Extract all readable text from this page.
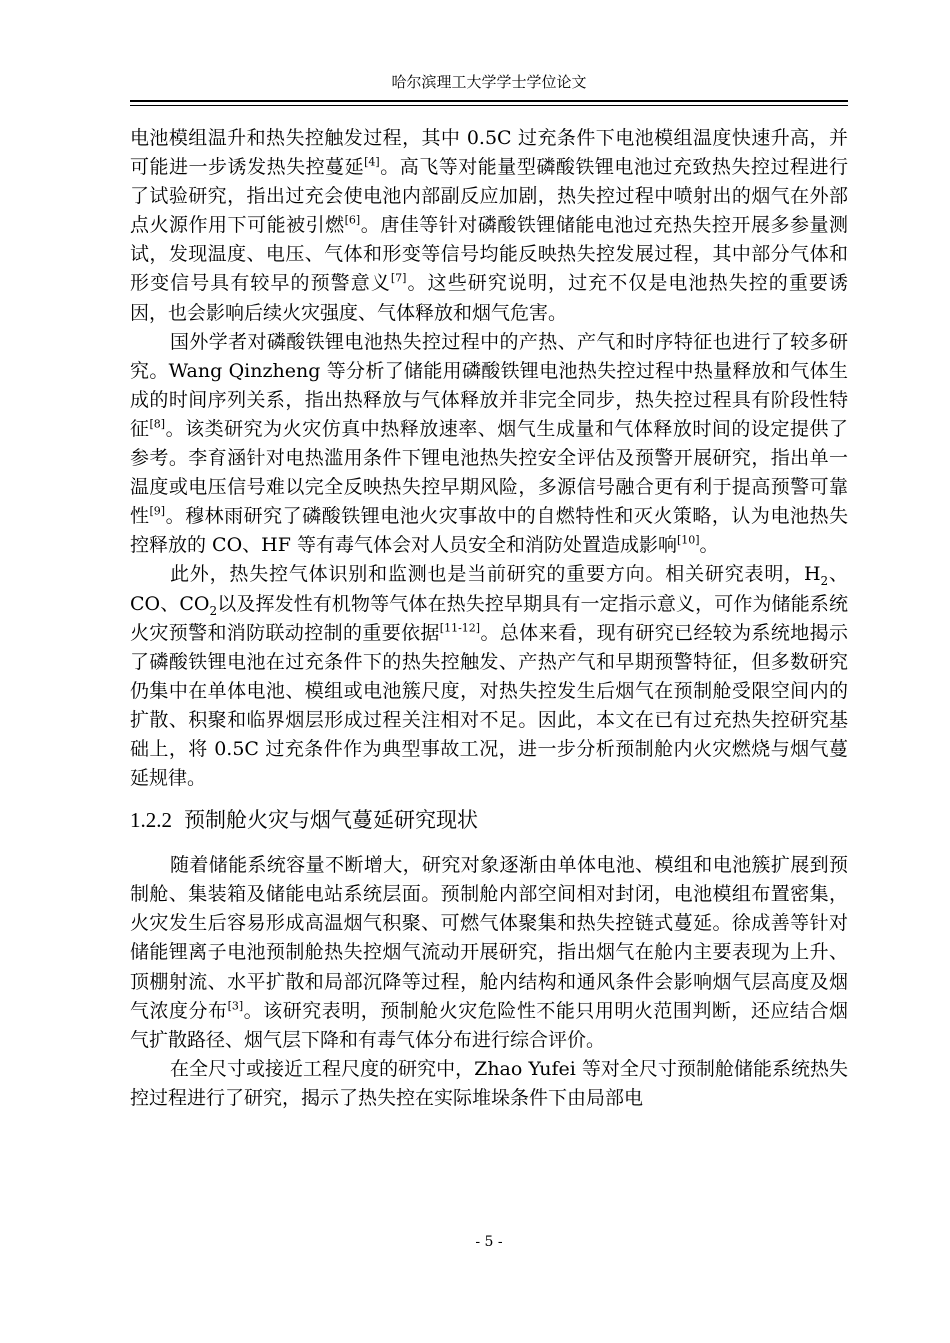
哈尔滨理工大学学士学位论文

电池模组温升和热失控触发过程，其中 0.5C 过充条件下电池模组温度快速升高，并可能进一步诱发热失控蔓延[4]。高飞等对能量型磷酸铁锂电池过充致热失控过程进行了试验研究，指出过充会使电池内部副反应加剧，热失控过程中喷射出的烟气在外部点火源作用下可能被引燃[6]。唐佳等针对磷酸铁锂储能电池过充热失控开展多参量测试，发现温度、电压、气体和形变等信号均能反映热失控发展过程，其中部分气体和形变信号具有较早的预警意义[7]。这些研究说明，过充不仅是电池热失控的重要诱因，也会影响后续火灾强度、气体释放和烟气危害。

国外学者对磷酸铁锂电池热失控过程中的产热、产气和时序特征也进行了较多研究。Wang Qinzheng 等分析了储能用磷酸铁锂电池热失控过程中热量释放和气体生成的时间序列关系，指出热释放与气体释放并非完全同步，热失控过程具有阶段性特征[8]。该类研究为火灾仿真中热释放速率、烟气生成量和气体释放时间的设定提供了参考。李育涵针对电热滥用条件下锂电池热失控安全评估及预警开展研究，指出单一温度或电压信号难以完全反映热失控早期风险，多源信号融合更有利于提高预警可靠性[9]。穆林雨研究了磷酸铁锂电池火灾事故中的自燃特性和灭火策略，认为电池热失控释放的 CO、HF 等有毒气体会对人员安全和消防处置造成影响[10]。

此外，热失控气体识别和监测也是当前研究的重要方向。相关研究表明，$H_2$、CO、$CO_2$以及挥发性有机物等气体在热失控早期具有一定指示意义，可作为储能系统火灾预警和消防联动控制的重要依据[11-12]。总体来看，现有研究已经较为系统地揭示了磷酸铁锂电池在过充条件下的热失控触发、产热产气和早期预警特征，但多数研究仍集中在单体电池、模组或电池簇尺度，对热失控发生后烟气在预制舱受限空间内的扩散、积聚和临界烟层形成过程关注相对不足。因此，本文在已有过充热失控研究基础上，将 0.5C 过充条件作为典型事故工况，进一步分析预制舱内火灾燃烧与烟气蔓延规律。

1.2.2 预制舱火灾与烟气蔓延研究现状

随着储能系统容量不断增大，研究对象逐渐由单体电池、模组和电池簇扩展到预制舱、集装箱及储能电站系统层面。预制舱内部空间相对封闭，电池模组布置密集，火灾发生后容易形成高温烟气积聚、可燃气体聚集和热失控链式蔓延。徐成善等针对储能锂离子电池预制舱热失控烟气流动开展研究，指出烟气在舱内主要表现为上升、顶棚射流、水平扩散和局部沉降等过程，舱内结构和通风条件会影响烟气层高度及烟气浓度分布[3]。该研究表明，预制舱火灾危险性不能只用明火范围判断，还应结合烟气扩散路径、烟气层下降和有毒气体分布进行综合评价。

在全尺寸或接近工程尺度的研究中，Zhao Yufei 等对全尺寸预制舱储能系统热失控过程进行了研究，揭示了热失控在实际堆垛条件下由局部电

- 5 -
